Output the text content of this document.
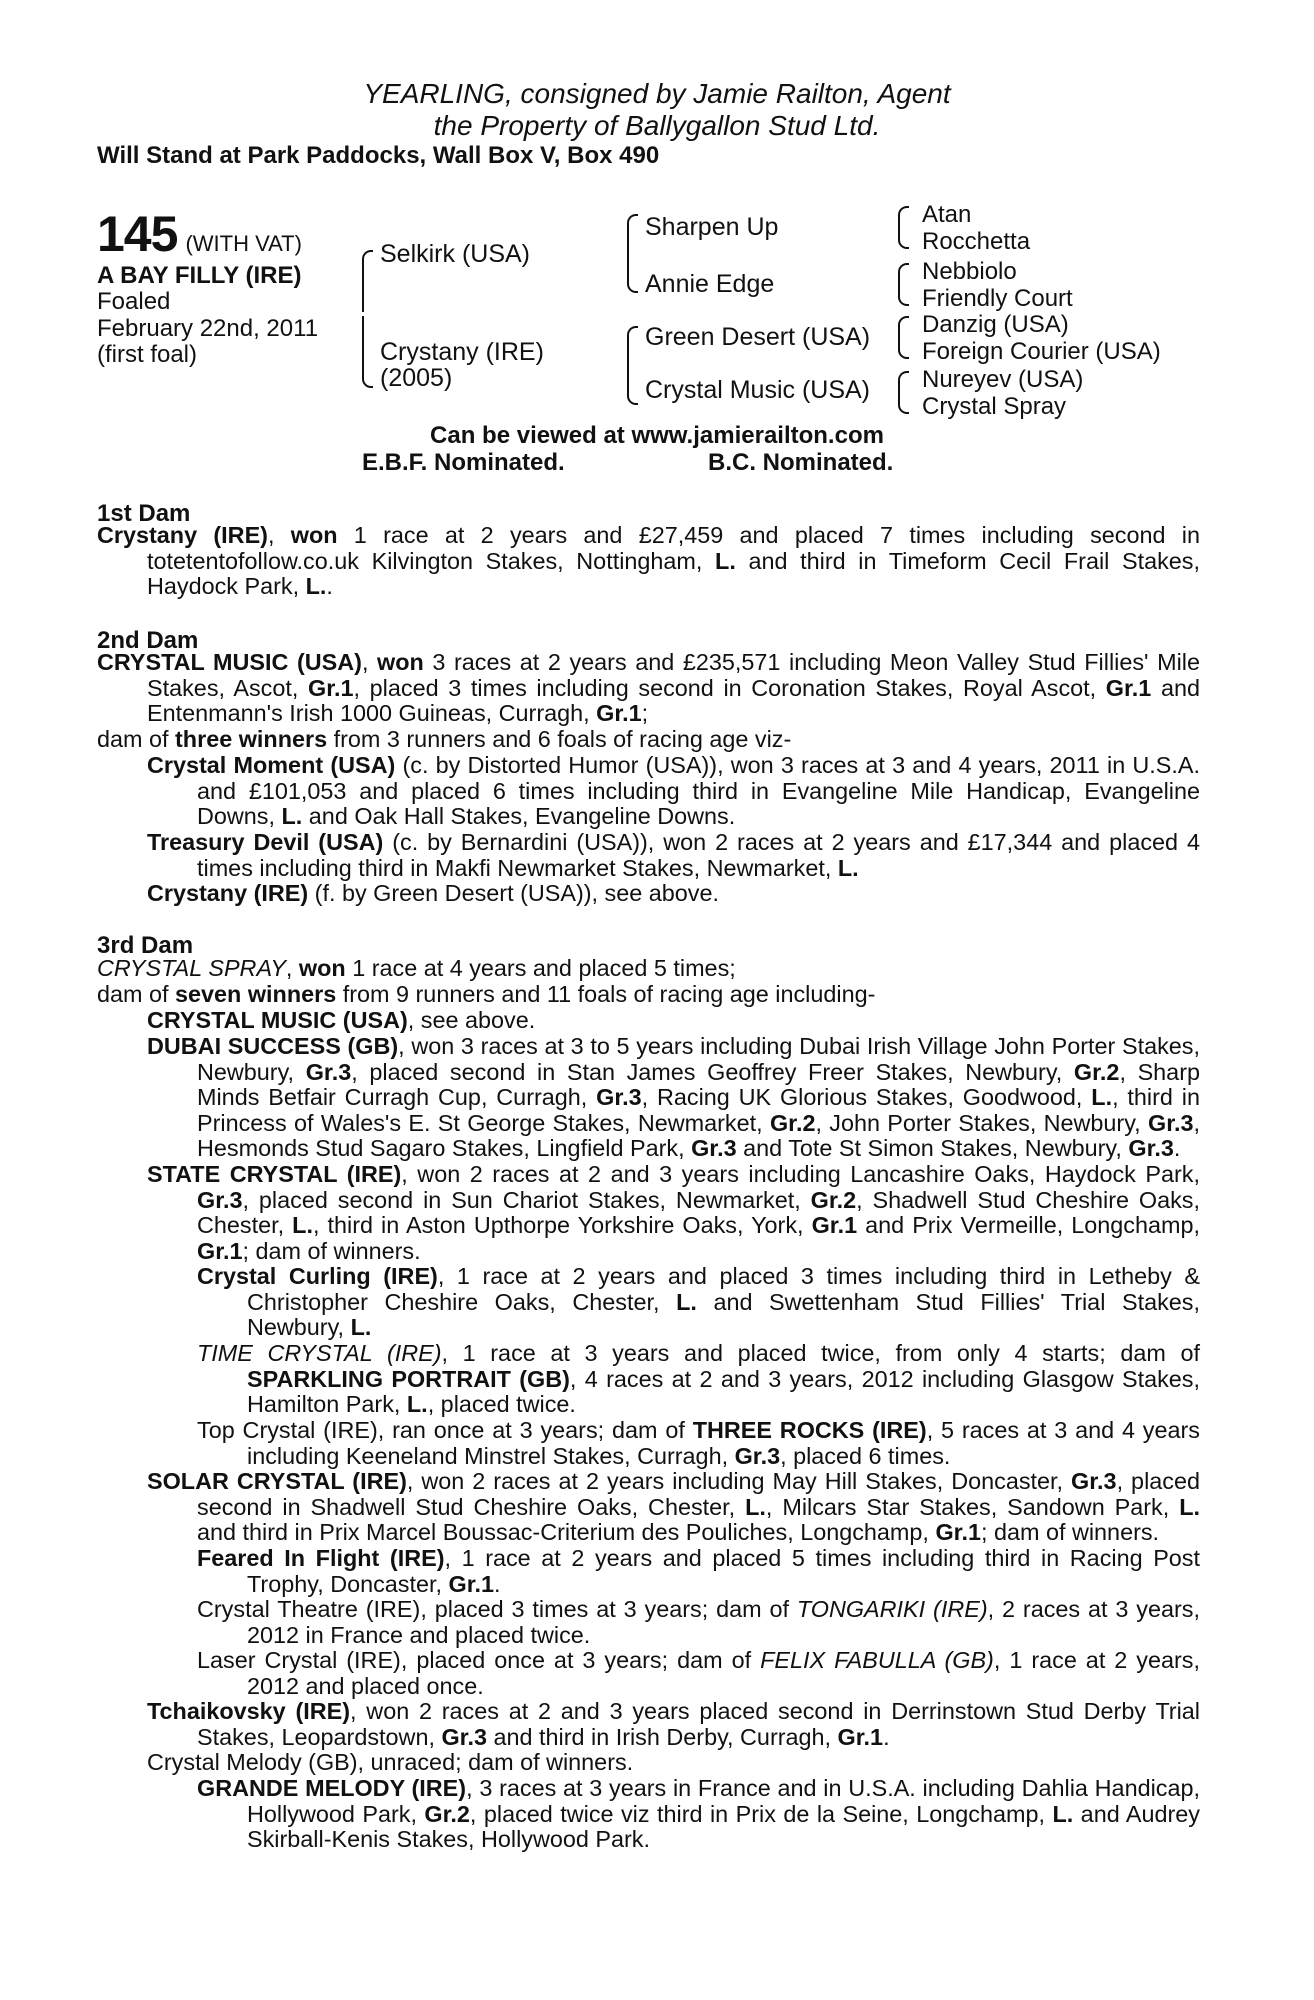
YEARLING, consigned by Jamie Railton, Agent
the Property of Ballygallon Stud Ltd.
Will Stand at Park Paddocks, Wall Box V, Box 490
145 (WITH VAT)
A BAY FILLY (IRE)
Foaled
February 22nd, 2011
(first foal)
Selkirk (USA)
Crystany (IRE)
(2005)
Sharpen Up
Annie Edge
Green Desert (USA)
Crystal Music (USA)
Atan
Rocchetta
Nebbiolo
Friendly Court
Danzig (USA)
Foreign Courier (USA)
Nureyev (USA)
Crystal Spray
Can be viewed at www.jamierailton.com
E.B.F. Nominated.	B.C. Nominated.
1st Dam
Crystany (IRE), won 1 race at 2 years and £27,459 and placed 7 times including second in totetentofollow.co.uk Kilvington Stakes, Nottingham, L. and third in Timeform Cecil Frail Stakes, Haydock Park, L..
2nd Dam
CRYSTAL MUSIC (USA), won 3 races at 2 years and £235,571 including Meon Valley Stud Fillies' Mile Stakes, Ascot, Gr.1, placed 3 times including second in Coronation Stakes, Royal Ascot, Gr.1 and Entenmann's Irish 1000 Guineas, Curragh, Gr.1;
dam of three winners from 3 runners and 6 foals of racing age viz-
Crystal Moment (USA) (c. by Distorted Humor (USA)), won 3 races at 3 and 4 years, 2011 in U.S.A. and £101,053 and placed 6 times including third in Evangeline Mile Handicap, Evangeline Downs, L. and Oak Hall Stakes, Evangeline Downs.
Treasury Devil (USA) (c. by Bernardini (USA)), won 2 races at 2 years and £17,344 and placed 4 times including third in Makfi Newmarket Stakes, Newmarket, L.
Crystany (IRE) (f. by Green Desert (USA)), see above.
3rd Dam
CRYSTAL SPRAY, won 1 race at 4 years and placed 5 times;
dam of seven winners from 9 runners and 11 foals of racing age including-
CRYSTAL MUSIC (USA), see above.
DUBAI SUCCESS (GB), won 3 races at 3 to 5 years including Dubai Irish Village John Porter Stakes, Newbury, Gr.3, placed second in Stan James Geoffrey Freer Stakes, Newbury, Gr.2, Sharp Minds Betfair Curragh Cup, Curragh, Gr.3, Racing UK Glorious Stakes, Goodwood, L., third in Princess of Wales's E. St George Stakes, Newmarket, Gr.2, John Porter Stakes, Newbury, Gr.3, Hesmonds Stud Sagaro Stakes, Lingfield Park, Gr.3 and Tote St Simon Stakes, Newbury, Gr.3.
STATE CRYSTAL (IRE), won 2 races at 2 and 3 years including Lancashire Oaks, Haydock Park, Gr.3, placed second in Sun Chariot Stakes, Newmarket, Gr.2, Shadwell Stud Cheshire Oaks, Chester, L., third in Aston Upthorpe Yorkshire Oaks, York, Gr.1 and Prix Vermeille, Longchamp, Gr.1; dam of winners.
Crystal Curling (IRE), 1 race at 2 years and placed 3 times including third in Letheby & Christopher Cheshire Oaks, Chester, L. and Swettenham Stud Fillies' Trial Stakes, Newbury, L.
TIME CRYSTAL (IRE), 1 race at 3 years and placed twice, from only 4 starts; dam of SPARKLING PORTRAIT (GB), 4 races at 2 and 3 years, 2012 including Glasgow Stakes, Hamilton Park, L., placed twice.
Top Crystal (IRE), ran once at 3 years; dam of THREE ROCKS (IRE), 5 races at 3 and 4 years including Keeneland Minstrel Stakes, Curragh, Gr.3, placed 6 times.
SOLAR CRYSTAL (IRE), won 2 races at 2 years including May Hill Stakes, Doncaster, Gr.3, placed second in Shadwell Stud Cheshire Oaks, Chester, L., Milcars Star Stakes, Sandown Park, L. and third in Prix Marcel Boussac-Criterium des Pouliches, Longchamp, Gr.1; dam of winners.
Feared In Flight (IRE), 1 race at 2 years and placed 5 times including third in Racing Post Trophy, Doncaster, Gr.1.
Crystal Theatre (IRE), placed 3 times at 3 years; dam of TONGARIKI (IRE), 2 races at 3 years, 2012 in France and placed twice.
Laser Crystal (IRE), placed once at 3 years; dam of FELIX FABULLA (GB), 1 race at 2 years, 2012 and placed once.
Tchaikovsky (IRE), won 2 races at 2 and 3 years placed second in Derrinstown Stud Derby Trial Stakes, Leopardstown, Gr.3 and third in Irish Derby, Curragh, Gr.1.
Crystal Melody (GB), unraced; dam of winners.
GRANDE MELODY (IRE), 3 races at 3 years in France and in U.S.A. including Dahlia Handicap, Hollywood Park, Gr.2, placed twice viz third in Prix de la Seine, Longchamp, L. and Audrey Skirball-Kenis Stakes, Hollywood Park.
